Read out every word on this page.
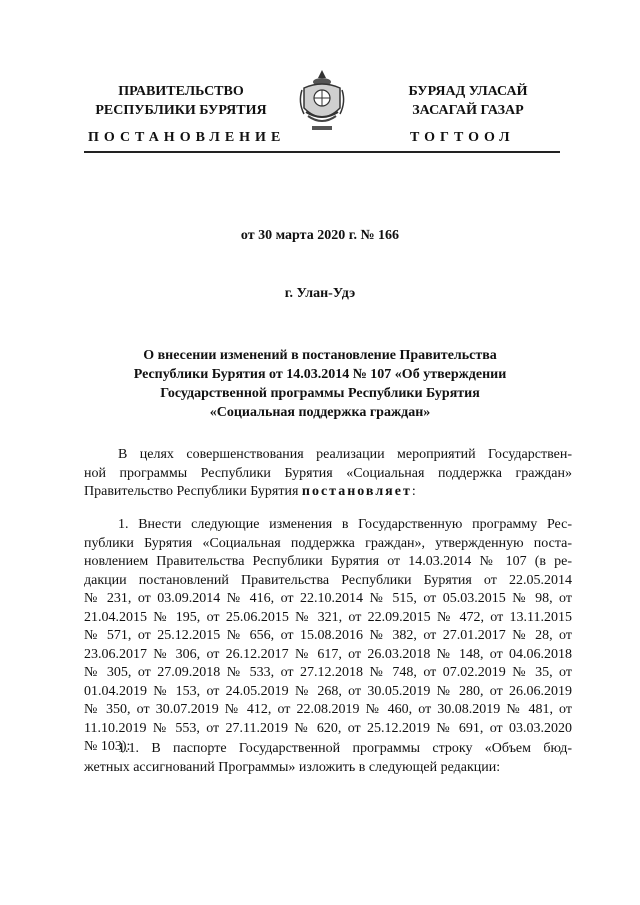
ПРАВИТЕЛЬСТВО
РЕСПУБЛИКИ БУРЯТИЯ
БУРЯАД УЛАСАЙ
ЗАСАГАЙ ГАЗАР
ПОСТАНОВЛЕНИЕ	ТОГТООЛ
от 30 марта 2020 г. № 166
г. Улан-Удэ
О внесении изменений в постановление Правительства
Республики Бурятия от 14.03.2014 № 107 «Об утверждении
Государственной программы Республики Бурятия
«Социальная поддержка граждан»
В целях совершенствования реализации мероприятий Государствен-
ной программы Республики Бурятия «Социальная поддержка граждан»
Правительство Республики Бурятия постановляет:
1. Внести следующие изменения в Государственную программу Рес-
публики Бурятия «Социальная поддержка граждан», утвержденную поста-
новлением Правительства Республики Бурятия от 14.03.2014 № 107 (в ре-
дакции постановлений Правительства Республики Бурятия от 22.05.2014
№ 231, от 03.09.2014 № 416, от 22.10.2014 № 515, от 05.03.2015 № 98, от
21.04.2015 № 195, от 25.06.2015 № 321, от 22.09.2015 № 472, от 13.11.2015
№ 571, от 25.12.2015 № 656, от 15.08.2016 № 382, от 27.01.2017 № 28, от
23.06.2017 № 306, от 26.12.2017 № 617, от 26.03.2018 № 148, от 04.06.2018
№ 305, от 27.09.2018 № 533, от 27.12.2018 № 748, от 07.02.2019 № 35, от
01.04.2019 № 153, от 24.05.2019 № 268, от 30.05.2019 № 280, от 26.06.2019
№ 350, от 30.07.2019 № 412, от 22.08.2019 № 460, от 30.08.2019 № 481, от
11.10.2019 № 553, от 27.11.2019 № 620, от 25.12.2019 № 691, от 03.03.2020
№ 103):
1.1. В паспорте Государственной программы строку «Объем бюд-
жетных ассигнований Программы» изложить в следующей редакции:
